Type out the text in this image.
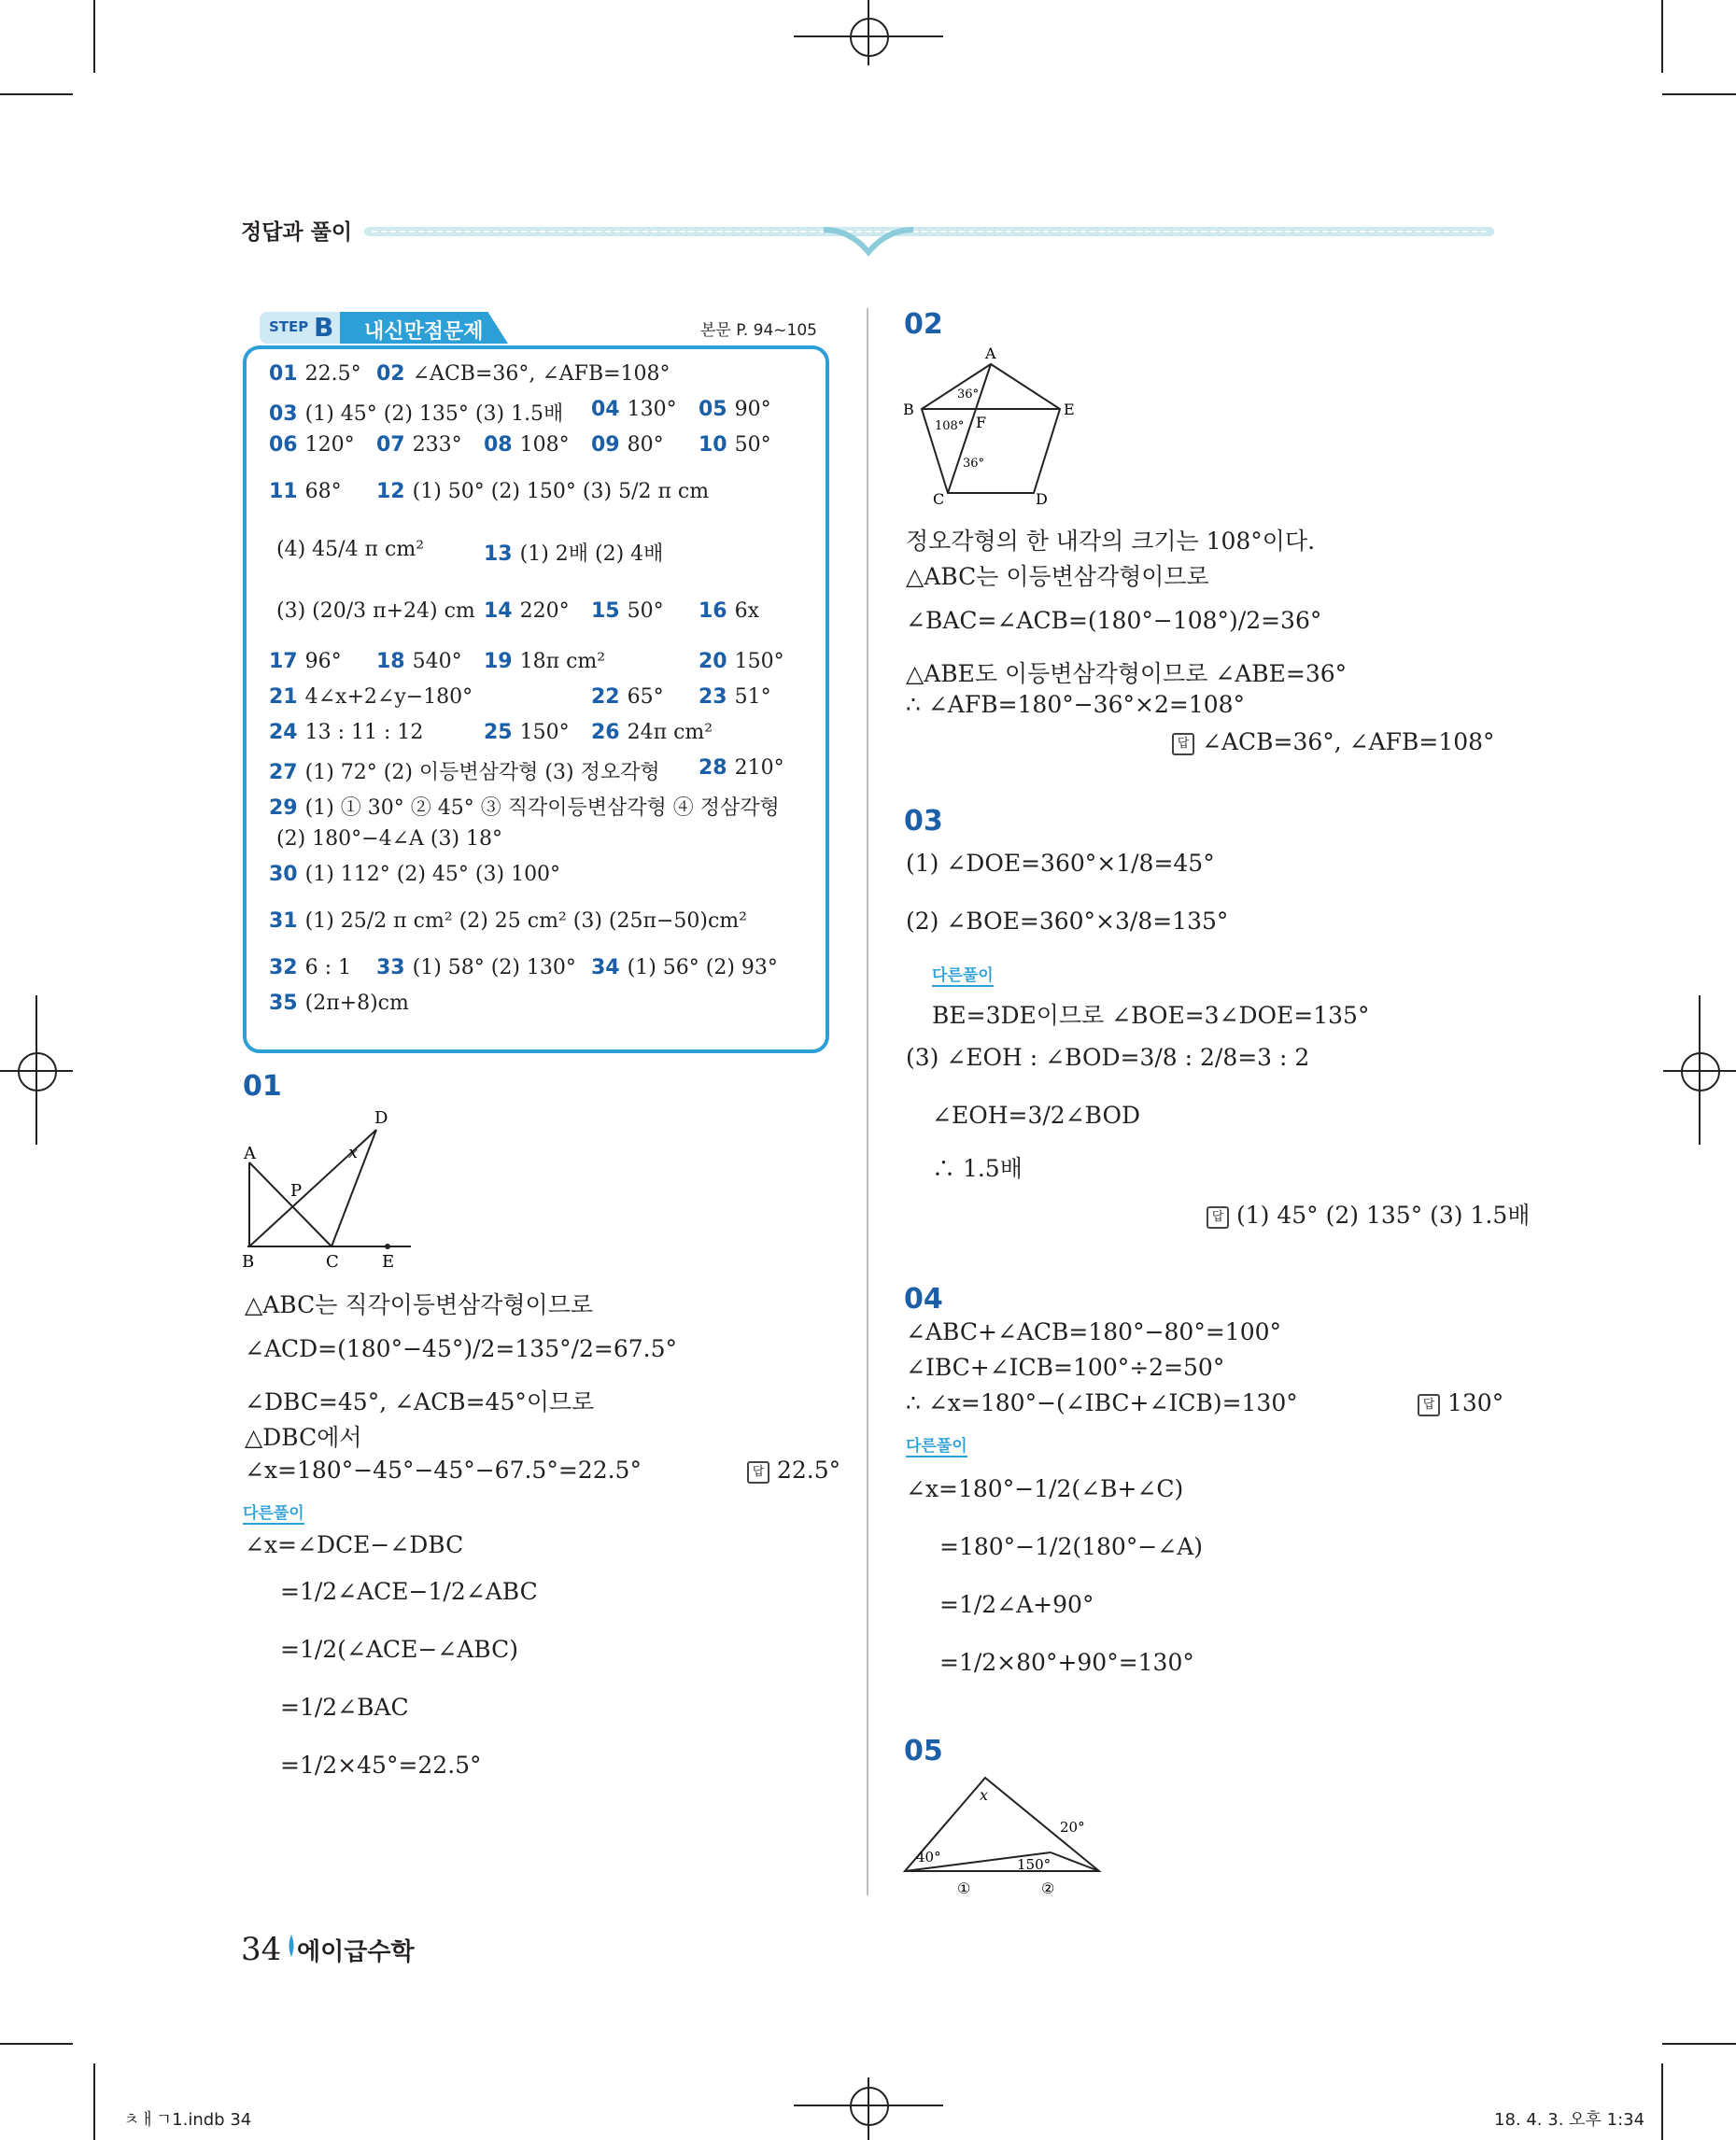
정답과 풀이
STEP B 내신만점문제	본문 P. 94~105
01 22.5° 02 ∠ACB=36°, ∠AFB=108°
03 (1) 45° (2) 135° (3) 1.5배 04 130° 05 90°
06 120° 07 233° 08 108° 09 80° 10 50°
11 68° 12 (1) 50° (2) 150° (3) 5/2 π cm
(4) 45/4 π cm²	13 (1) 2배 (2) 4배
(3) (20/3 π+24) cm 14 220° 15 50° 16 6x
17 96° 18 540° 19 18π cm²	20 150°
21 4∠x+2∠y−180°	22 65° 23 51°
24 13 : 11 : 12	25 150° 26 24π cm²
27 (1) 72° (2) 이등변삼각형 (3) 정오각형 28 210°
29 (1) ① 30° ② 45° ③ 직각이등변삼각형 ④ 정삼각형
(2) 180°−4∠A (3) 18°
30 (1) 112° (2) 45° (3) 100°
31 (1) 25/2 π cm² (2) 25 cm² (3) (25π−50)cm²
32 6 : 1 33 (1) 58° (2) 130° 34 (1) 56° (2) 93°
35 (2π+8)cm
01
A
B	C
D
E
P
x
△ABC는 직각이등변삼각형이므로
∠ACD=(180°−45°)/2=135°/2=67.5°
∠DBC=45°, ∠ACB=45°이므로
△DBC에서
∠x=180°−45°−45°−67.5°=22.5°	답 22.5°
다른풀이
∠x=∠DCE−∠DBC
=1/2∠ACE−1/2∠ABC
=1/2(∠ACE−∠ABC)
=1/2∠BAC
=1/2×45°=22.5°
02
A
B
C	D
E
F
36°
108°
36°
정오각형의 한 내각의 크기는 108°이다.
△ABC는 이등변삼각형이므로
∠BAC=∠ACB=(180°−108°)/2=36°
△ABE도 이등변삼각형이므로 ∠ABE=36°
∴ ∠AFB=180°−36°×2=108°
답 ∠ACB=36°, ∠AFB=108°
03
(1) ∠DOE=360°×1/8=45°
(2) ∠BOE=360°×3/8=135°
다른풀이
BE=3DE이므로 ∠BOE=3∠DOE=135°
(3) ∠EOH : ∠BOD=3/8 : 2/8=3 : 2
∠EOH=3/2∠BOD
∴ 1.5배
답 (1) 45° (2) 135° (3) 1.5배
04
∠ABC+∠ACB=180°−80°=100°
∠IBC+∠ICB=100°÷2=50°
∴ ∠x=180°−(∠IBC+∠ICB)=130°	답 130°
다른풀이
∠x=180°−1/2(∠B+∠C)
=180°−1/2(180°−∠A)
=1/2∠A+90°
=1/2×80°+90°=130°
05
x
20°
40°	150°
①	②
34 에이급수학
ㅊㅐㄱ1.indb 34	18. 4. 3. 오후 1:34
